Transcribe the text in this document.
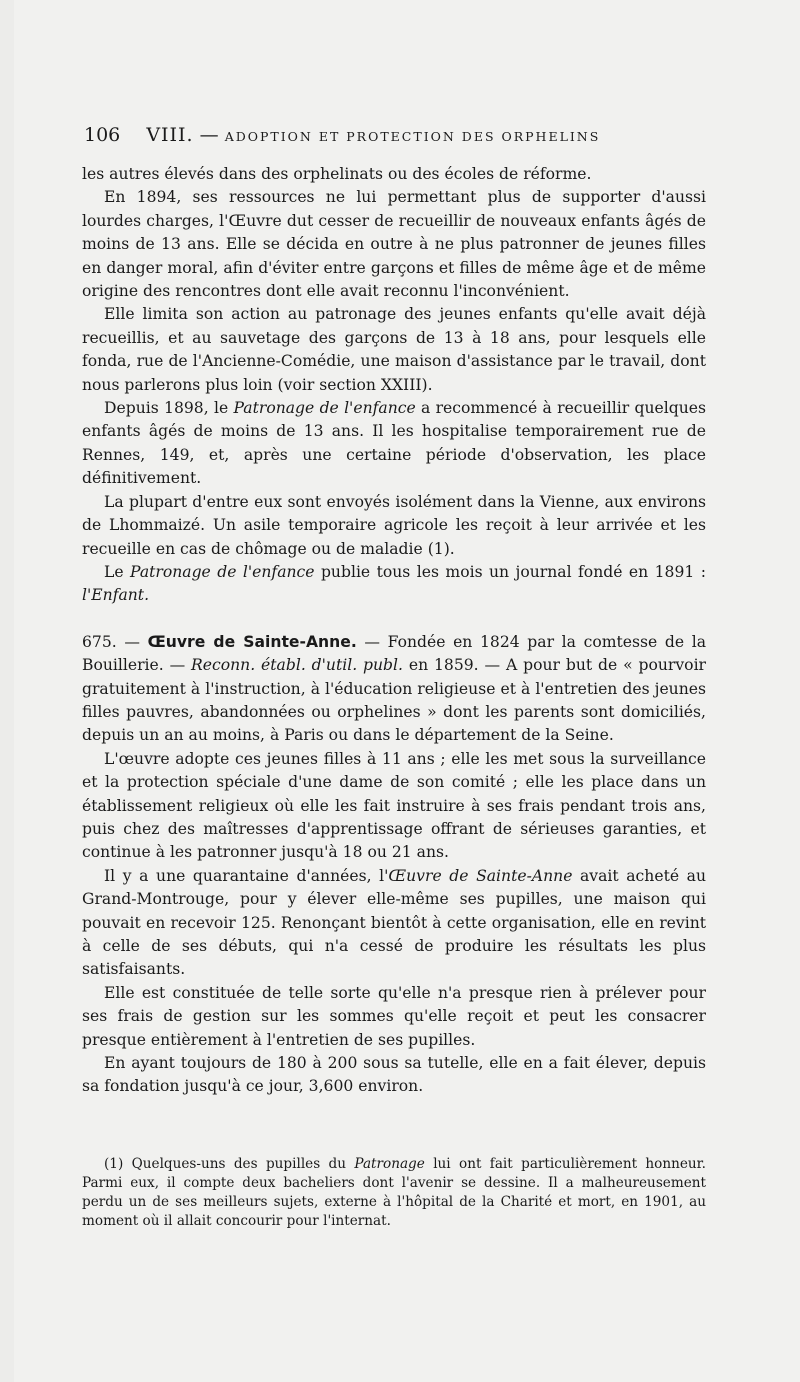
106 VIII. — ADOPTION ET PROTECTION DES ORPHELINS

les autres élevés dans des orphelinats ou des écoles de réforme.

En 1894, ses ressources ne lui permettant plus de supporter d'aussi lourdes charges, l'Œuvre dut cesser de recueillir de nouveaux enfants âgés de moins de 13 ans. Elle se décida en outre à ne plus patronner de jeunes filles en danger moral, afin d'éviter entre garçons et filles de même âge et de même origine des rencontres dont elle avait reconnu l'inconvénient.

Elle limita son action au patronage des jeunes enfants qu'elle avait déjà recueillis, et au sauvetage des garçons de 13 à 18 ans, pour lesquels elle fonda, rue de l'Ancienne-Comédie, une maison d'assistance par le travail, dont nous parlerons plus loin (voir section XXIII).

Depuis 1898, le Patronage de l'enfance a recommencé à recueillir quelques enfants âgés de moins de 13 ans. Il les hospitalise temporairement rue de Rennes, 149, et, après une certaine période d'observation, les place définitivement.

La plupart d'entre eux sont envoyés isolément dans la Vienne, aux environs de Lhommaizé. Un asile temporaire agricole les reçoit à leur arrivée et les recueille en cas de chômage ou de maladie (1).

Le Patronage de l'enfance publie tous les mois un journal fondé en 1891 : l'Enfant.

675. — Œuvre de Sainte-Anne. — Fondée en 1824 par la comtesse de la Bouillerie. — Reconn. établ. d'util. publ. en 1859. — A pour but de « pourvoir gratuitement à l'instruction, à l'éducation religieuse et à l'entretien des jeunes filles pauvres, abandonnées ou orphelines » dont les parents sont domiciliés, depuis un an au moins, à Paris ou dans le département de la Seine.

L'œuvre adopte ces jeunes filles à 11 ans ; elle les met sous la surveillance et la protection spéciale d'une dame de son comité ; elle les place dans un établissement religieux où elle les fait instruire à ses frais pendant trois ans, puis chez des maîtresses d'apprentissage offrant de sérieuses garanties, et continue à les patronner jusqu'à 18 ou 21 ans.

Il y a une quarantaine d'années, l'Œuvre de Sainte-Anne avait acheté au Grand-Montrouge, pour y élever elle-même ses pupilles, une maison qui pouvait en recevoir 125. Renonçant bientôt à cette organisation, elle en revint à celle de ses débuts, qui n'a cessé de produire les résultats les plus satisfaisants.

Elle est constituée de telle sorte qu'elle n'a presque rien à prélever pour ses frais de gestion sur les sommes qu'elle reçoit et peut les consacrer presque entièrement à l'entretien de ses pupilles.

En ayant toujours de 180 à 200 sous sa tutelle, elle en a fait élever, depuis sa fondation jusqu'à ce jour, 3,600 environ.

(1) Quelques-uns des pupilles du Patronage lui ont fait particulièrement honneur. Parmi eux, il compte deux bacheliers dont l'avenir se dessine. Il a malheureusement perdu un de ses meilleurs sujets, externe à l'hôpital de la Charité et mort, en 1901, au moment où il allait concourir pour l'internat.
